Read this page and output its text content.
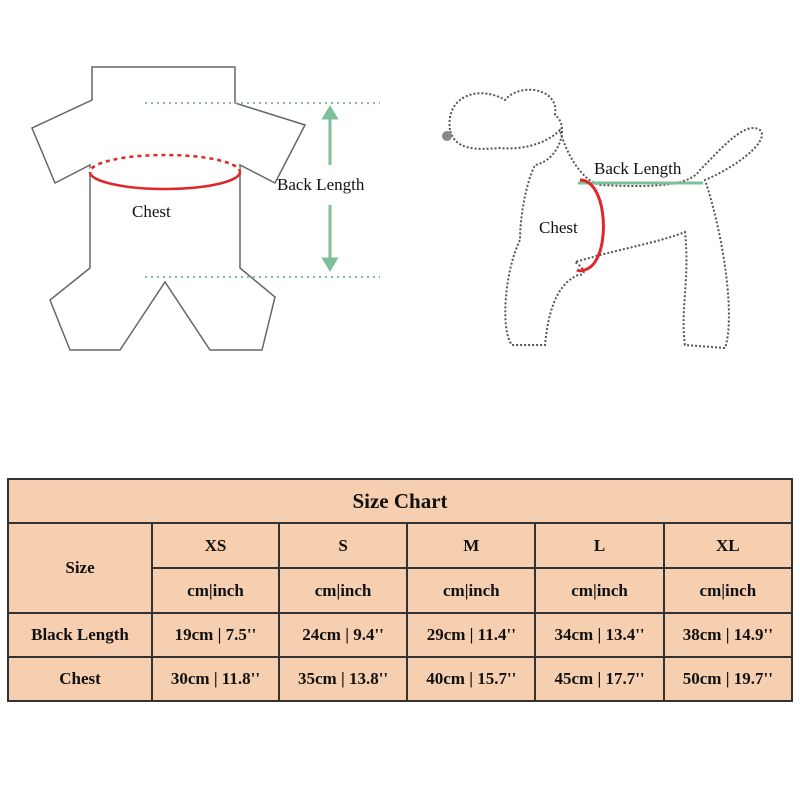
Chest
Back Length
Chest
Back Length
Size Chart					
Size	XS	S	M	L	XL
	cm|inch	cm|inch	cm|inch	cm|inch	cm|inch
Black Length	19cm | 7.5''	24cm | 9.4''	29cm | 11.4''	34cm | 13.4''	38cm | 14.9''
Chest	30cm | 11.8''	35cm | 13.8''	40cm | 15.7''	45cm | 17.7''	50cm | 19.7''
